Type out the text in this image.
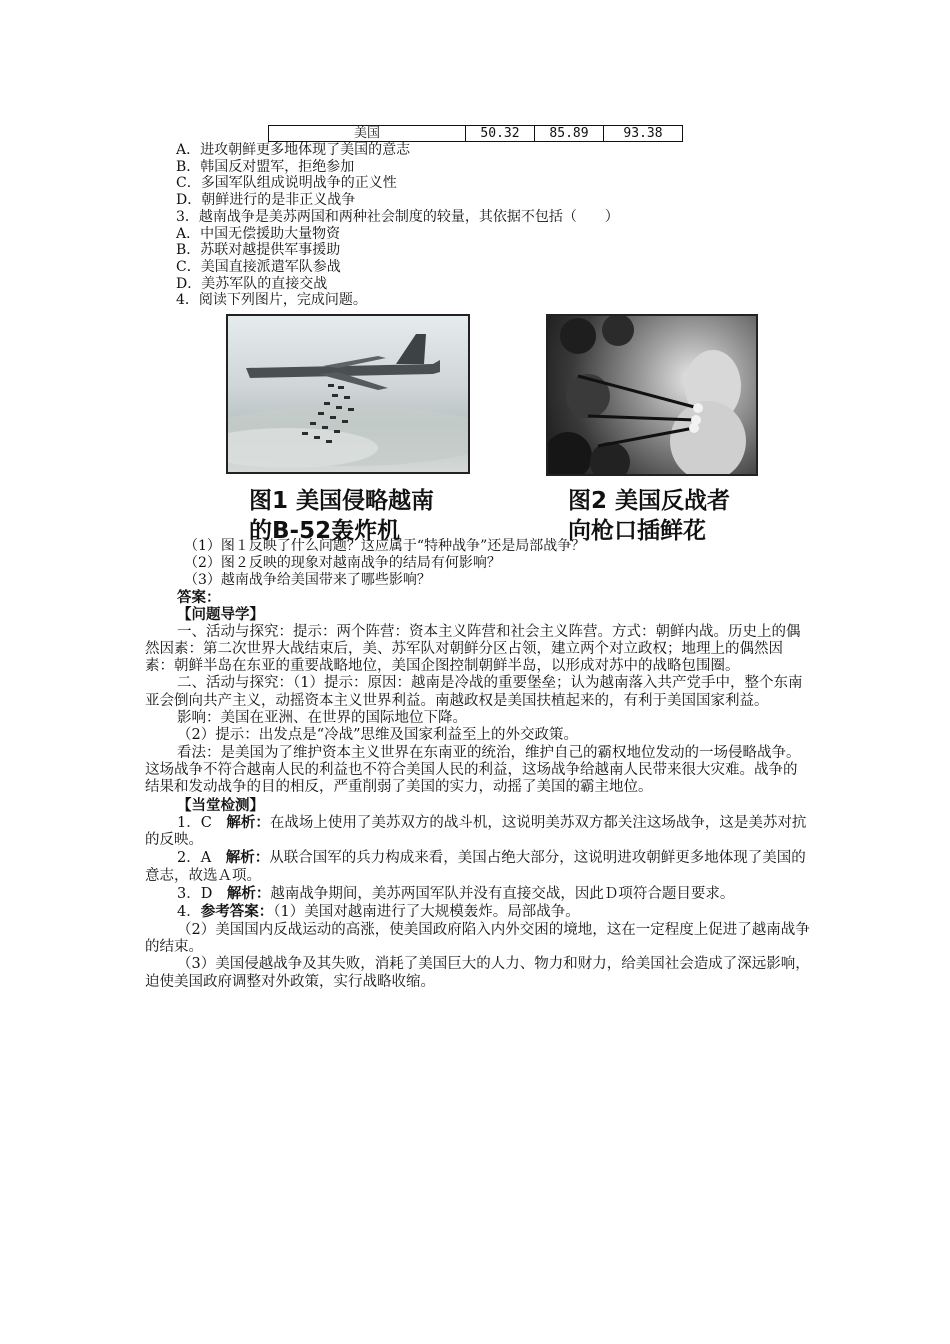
美国	50.32	85.89	93.38
A．进攻朝鲜更多地体现了美国的意志
B．韩国反对盟军，拒绝参加
C．多国军队组成说明战争的正义性
D．朝鲜进行的是非正义战争
3．越南战争是美苏两国和两种社会制度的较量，其依据不包括（　　）
A．中国无偿援助大量物资
B．苏联对越提供军事援助
C．美国直接派遣军队参战
D．美苏军队的直接交战
4．阅读下列图片，完成问题。
图1 美国侵略越南
的B-52轰炸机
图2 美国反战者
向枪口插鲜花
（1）图１反映了什么问题？这应属于“特种战争”还是局部战争？
（2）图２反映的现象对越南战争的结局有何影响？
（3）越南战争给美国带来了哪些影响？

答案：

【问题导学】

一、活动与探究：提示：两个阵营：资本主义阵营和社会主义阵营。方式：朝鲜内战。历史上的偶然因素：第二次世界大战结束后，美、苏军队对朝鲜分区占领，建立两个对立政权；地理上的偶然因素：朝鲜半岛在东亚的重要战略地位，美国企图控制朝鲜半岛，以形成对苏中的战略包围圈。

二、活动与探究：（1）提示：原因：越南是冷战的重要堡垒；认为越南落入共产党手中，整个东南亚会倒向共产主义，动摇资本主义世界利益。南越政权是美国扶植起来的，有利于美国国家利益。

影响：美国在亚洲、在世界的国际地位下降。

（2）提示：出发点是“冷战”思维及国家利益至上的外交政策。

看法：是美国为了维护资本主义世界在东南亚的统治，维护自己的霸权地位发动的一场侵略战争。这场战争不符合越南人民的利益也不符合美国人民的利益，这场战争给越南人民带来很大灾难。战争的结果和发动战争的目的相反，严重削弱了美国的实力，动摇了美国的霸主地位。

【当堂检测】

1．C　解析：在战场上使用了美苏双方的战斗机，这说明美苏双方都关注这场战争，这是美苏对抗的反映。

2．A　解析：从联合国军的兵力构成来看，美国占绝大部分，这说明进攻朝鲜更多地体现了美国的意志，故选Ａ项。

3．D　解析：越南战争期间，美苏两国军队并没有直接交战，因此Ｄ项符合题目要求。

4．参考答案：（1）美国对越南进行了大规模轰炸。局部战争。

（2）美国国内反战运动的高涨，使美国政府陷入内外交困的境地，这在一定程度上促进了越南战争的结束。

（3）美国侵越战争及其失败，消耗了美国巨大的人力、物力和财力，给美国社会造成了深远影响，迫使美国政府调整对外政策，实行战略收缩。
